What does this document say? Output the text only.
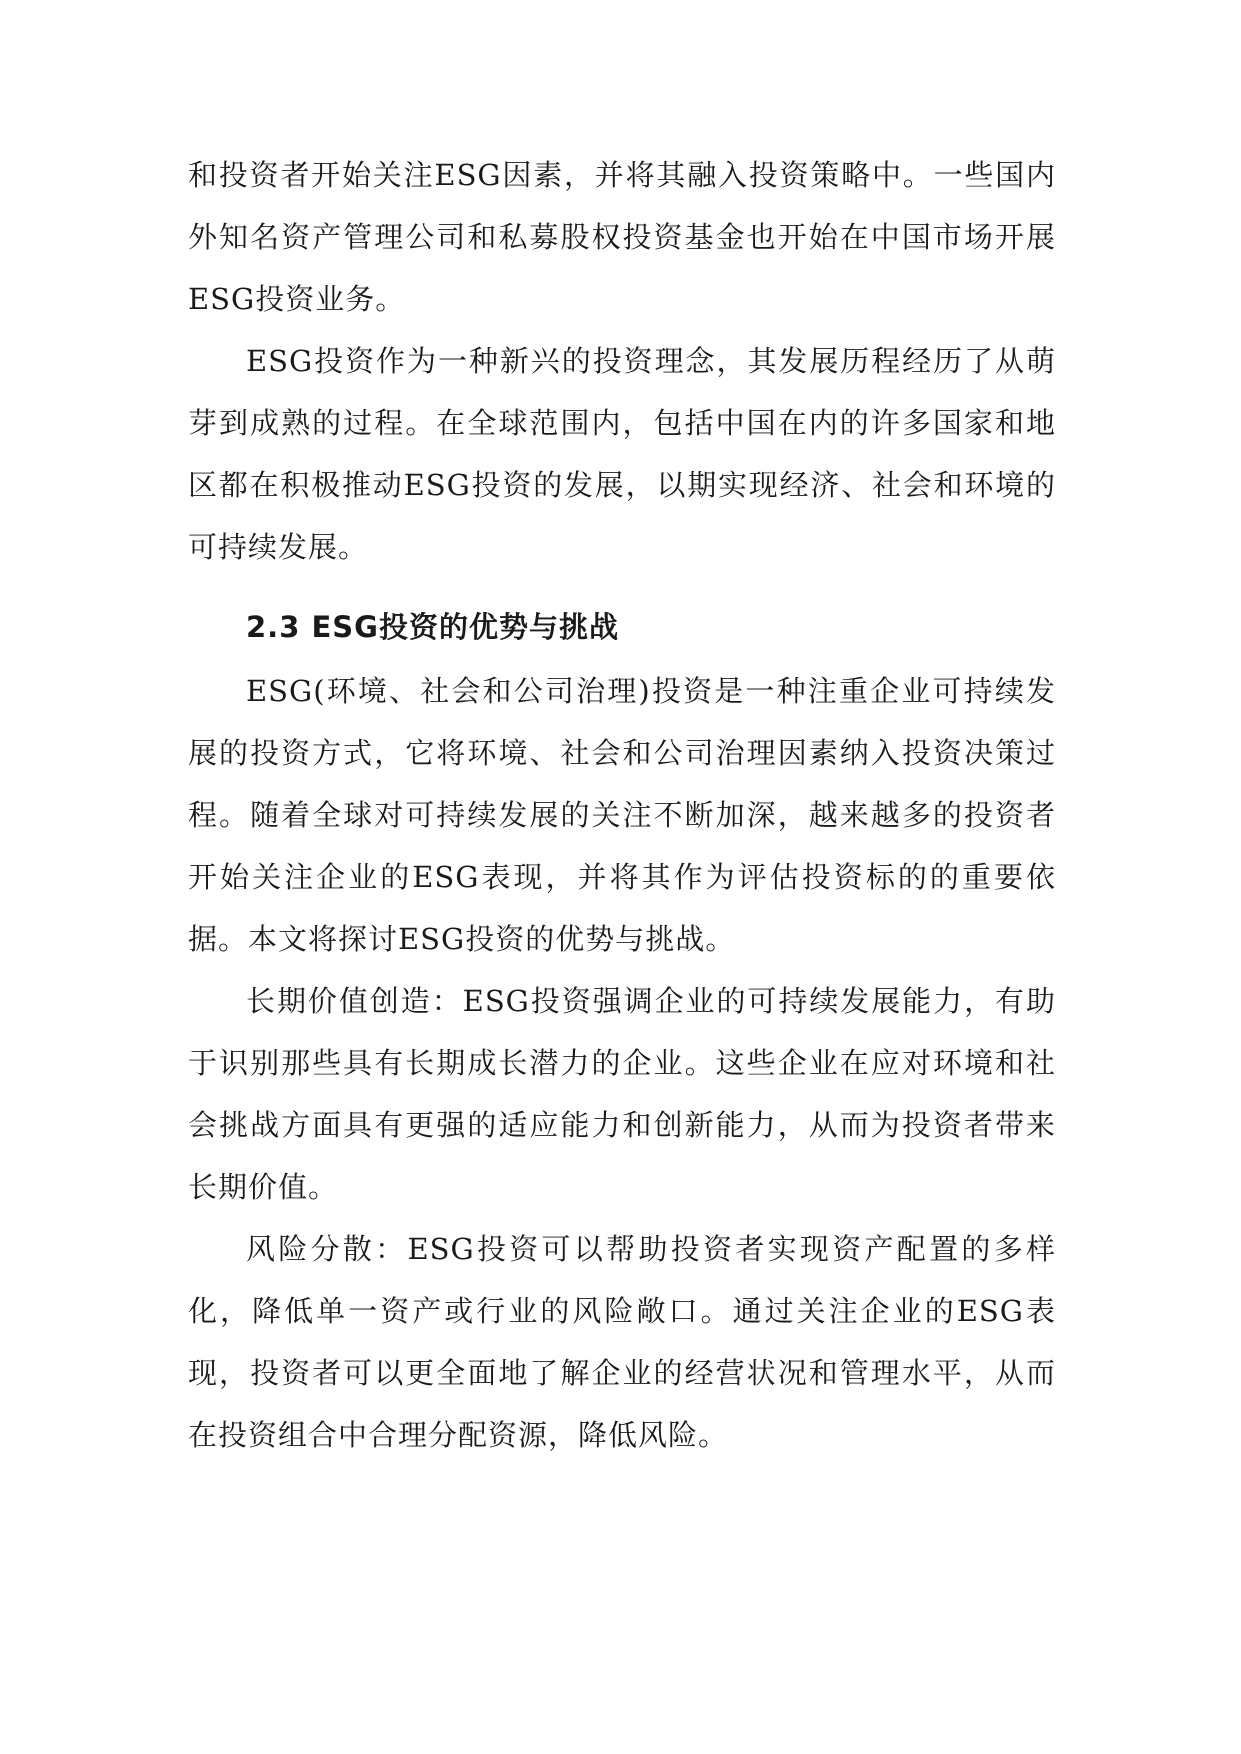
和投资者开始关注ESG因素，并将其融入投资策略中。一些国内外知名资产管理公司和私募股权投资基金也开始在中国市场开展ESG投资业务。

ESG投资作为一种新兴的投资理念，其发展历程经历了从萌芽到成熟的过程。在全球范围内，包括中国在内的许多国家和地区都在积极推动ESG投资的发展，以期实现经济、社会和环境的可持续发展。

2.3 ESG投资的优势与挑战

ESG(环境、社会和公司治理)投资是一种注重企业可持续发展的投资方式，它将环境、社会和公司治理因素纳入投资决策过程。随着全球对可持续发展的关注不断加深，越来越多的投资者开始关注企业的ESG表现，并将其作为评估投资标的的重要依据。本文将探讨ESG投资的优势与挑战。

长期价值创造：ESG投资强调企业的可持续发展能力，有助于识别那些具有长期成长潜力的企业。这些企业在应对环境和社会挑战方面具有更强的适应能力和创新能力，从而为投资者带来长期价值。

风险分散：ESG投资可以帮助投资者实现资产配置的多样化，降低单一资产或行业的风险敞口。通过关注企业的ESG表现，投资者可以更全面地了解企业的经营状况和管理水平，从而在投资组合中合理分配资源，降低风险。
